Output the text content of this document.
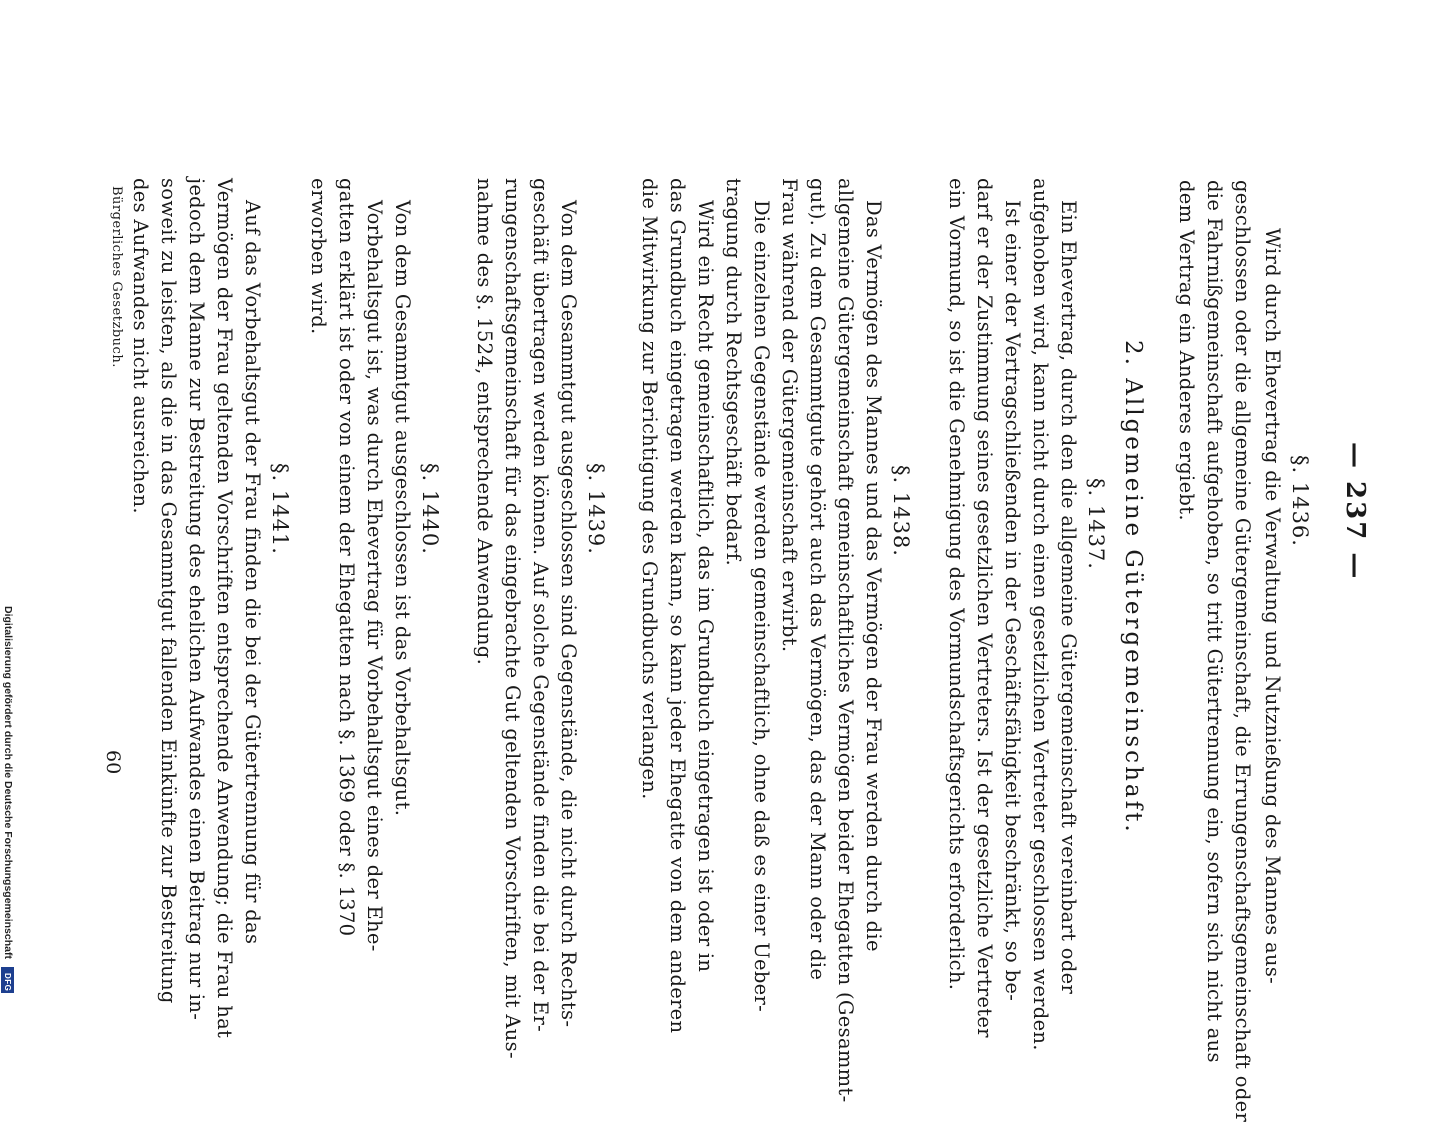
— 237 —
§. 1436.
Wird durch Ehevertrag die Verwaltung und Nutznießung des Mannes aus-
geschlossen oder die allgemeine Gütergemeinschaft, die Errungenschaftsgemeinschaft oder
die Fahrnißgemeinschaft aufgehoben, so tritt Gütertrennung ein, sofern sich nicht aus
dem Vertrag ein Anderes ergiebt.
2. Allgemeine Gütergemeinschaft.
§. 1437.
Ein Ehevertrag, durch den die allgemeine Gütergemeinschaft vereinbart oder
aufgehoben wird, kann nicht durch einen gesetzlichen Vertreter geschlossen werden.
Ist einer der Vertragschließenden in der Geschäftsfähigkeit beschränkt, so be-
darf er der Zustimmung seines gesetzlichen Vertreters. Ist der gesetzliche Vertreter
ein Vormund, so ist die Genehmigung des Vormundschaftsgerichts erforderlich.
§. 1438.
Das Vermögen des Mannes und das Vermögen der Frau werden durch die
allgemeine Gütergemeinschaft gemeinschaftliches Vermögen beider Ehegatten (Gesammt-
gut). Zu dem Gesammtgute gehört auch das Vermögen, das der Mann oder die
Frau während der Gütergemeinschaft erwirbt.
Die einzelnen Gegenstände werden gemeinschaftlich, ohne daß es einer Ueber-
tragung durch Rechtsgeschäft bedarf.
Wird ein Recht gemeinschaftlich, das im Grundbuch eingetragen ist oder in
das Grundbuch eingetragen werden kann, so kann jeder Ehegatte von dem anderen
die Mitwirkung zur Berichtigung des Grundbuchs verlangen.
§. 1439.
Von dem Gesammtgut ausgeschlossen sind Gegenstände, die nicht durch Rechts-
geschäft übertragen werden können. Auf solche Gegenstände finden die bei der Er-
rungenschaftsgemeinschaft für das eingebrachte Gut geltenden Vorschriften, mit Aus-
nahme des §. 1524, entsprechende Anwendung.
§. 1440.
Von dem Gesammtgut ausgeschlossen ist das Vorbehaltsgut.
Vorbehaltsgut ist, was durch Ehevertrag für Vorbehaltsgut eines der Ehe-
gatten erklärt ist oder von einem der Ehegatten nach §. 1369 oder §. 1370
erworben wird.
§. 1441.
Auf das Vorbehaltsgut der Frau finden die bei der Gütertrennung für das
Vermögen der Frau geltenden Vorschriften entsprechende Anwendung; die Frau hat
jedoch dem Manne zur Bestreitung des ehelichen Aufwandes einen Beitrag nur in-
soweit zu leisten, als die in das Gesammtgut fallenden Einkünfte zur Bestreitung
des Aufwandes nicht ausreichen.
Bürgerliches Gesetzbuch.
60
Digitalisierung gefördert durch die Deutsche Forschungsgemeinschaft
DFG
